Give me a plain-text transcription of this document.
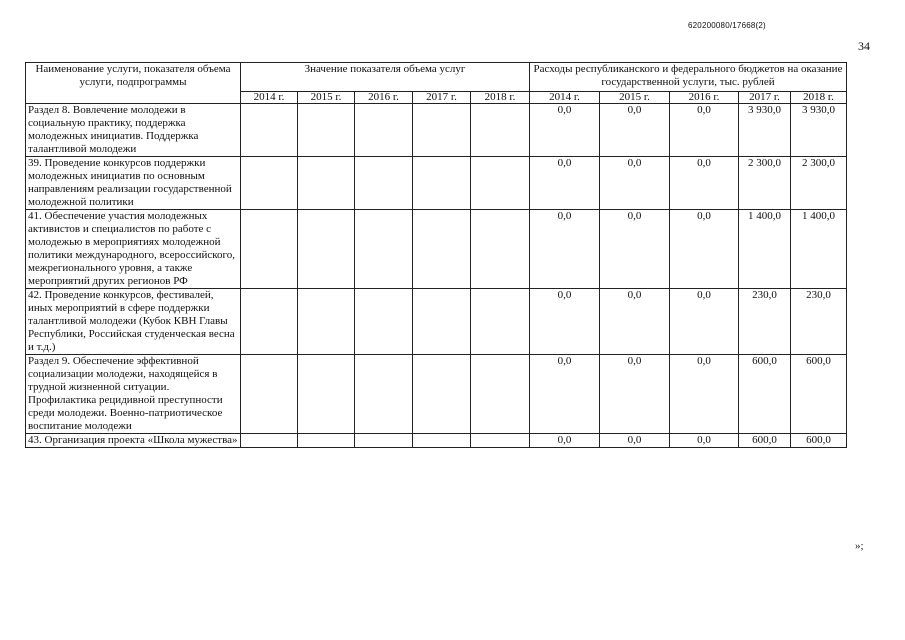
620200080/17668(2)
34
Наименование услуги, показателя объема услуги, подпрограммы	Значение показателя объема услуг					Расходы республиканского и федерального бюджетов на оказание государственной услуги, тыс. рублей				
	2014 г.	2015 г.	2016 г.	2017 г.	2018 г.	2014 г.	2015 г.	2016 г.	2017 г.	2018 г.
Раздел 8. Вовлечение молодежи в социальную практику, поддержка молодежных инициатив. Поддержка талантливой молодежи						0,0	0,0	0,0	3 930,0	3 930,0
39. Проведение конкурсов поддержки молодежных инициатив по основным направлениям реализации государственной молодежной политики						0,0	0,0	0,0	2 300,0	2 300,0
41. Обеспечение участия молодежных активистов и специалистов по работе с молодежью в мероприятиях молодежной политики международного, всероссийского, межрегионального уровня, а также мероприятий других регионов РФ						0,0	0,0	0,0	1 400,0	1 400,0
42. Проведение конкурсов, фестивалей, иных мероприятий в сфере поддержки талантливой молодежи (Кубок КВН Главы Республики, Российская студенческая весна и т.д.)						0,0	0,0	0,0	230,0	230,0
Раздел 9. Обеспечение эффективной социализации молодежи, находящейся в трудной жизненной ситуации. Профилактика рецидивной преступности среди молодежи. Военно-патриотическое воспитание молодежи						0,0	0,0	0,0	600,0	600,0
43. Организация проекта «Школа мужества»						0,0	0,0	0,0	600,0	600,0
»;
